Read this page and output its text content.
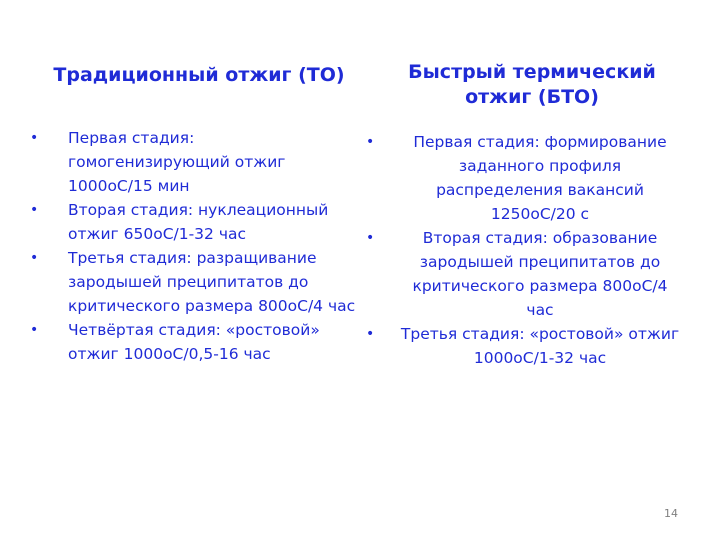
Традиционный отжиг (ТО)
• Первая стадия: гомогенизирующий отжиг 1000oC/15 мин
• Вторая стадия: нуклеационный отжиг 650oC/1-32 час
• Третья стадия: разращивание зародышей преципитатов до критического размера 800oC/4 час
• Четвёртая стадия: «ростовой» отжиг 1000oC/0,5-16 час
Быстрый термический отжиг (БТО)
•	Первая стадия: формирование заданного профиля распределения вакансий 1250oC/20 с
•	Вторая стадия: образование зародышей преципитатов до критического размера 800oC/4 час
• Третья стадия: «ростовой» отжиг 1000oC/1-32 час
14
